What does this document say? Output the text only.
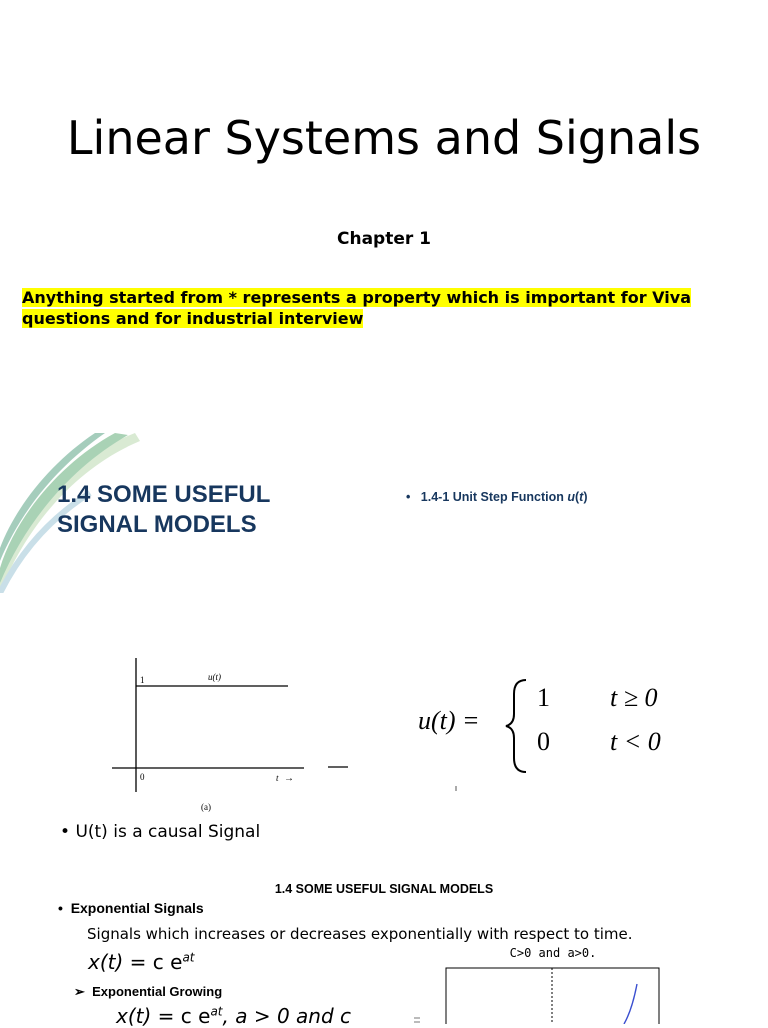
Linear Systems and Signals
Chapter 1
Anything started from * represents a property which is important for Viva questions and for industrial interview
1.4 SOME USEFUL SIGNAL MODELS
•   1.4-1 Unit Step Function u(t)
1	u(t)
0	t →
(a)
u(t) =
1 t ≥ 0
0 t < 0
• U(t) is a causal Signal
1.4 SOME USEFUL SIGNAL MODELS
•  Exponential Signals
Signals which increases or decreases exponentially with respect to time.
x(t) = c $e^{at}$
➢  Exponential Growing
x(t) = c $e^{at}$, a > 0 and c
C>0 and a>0.
